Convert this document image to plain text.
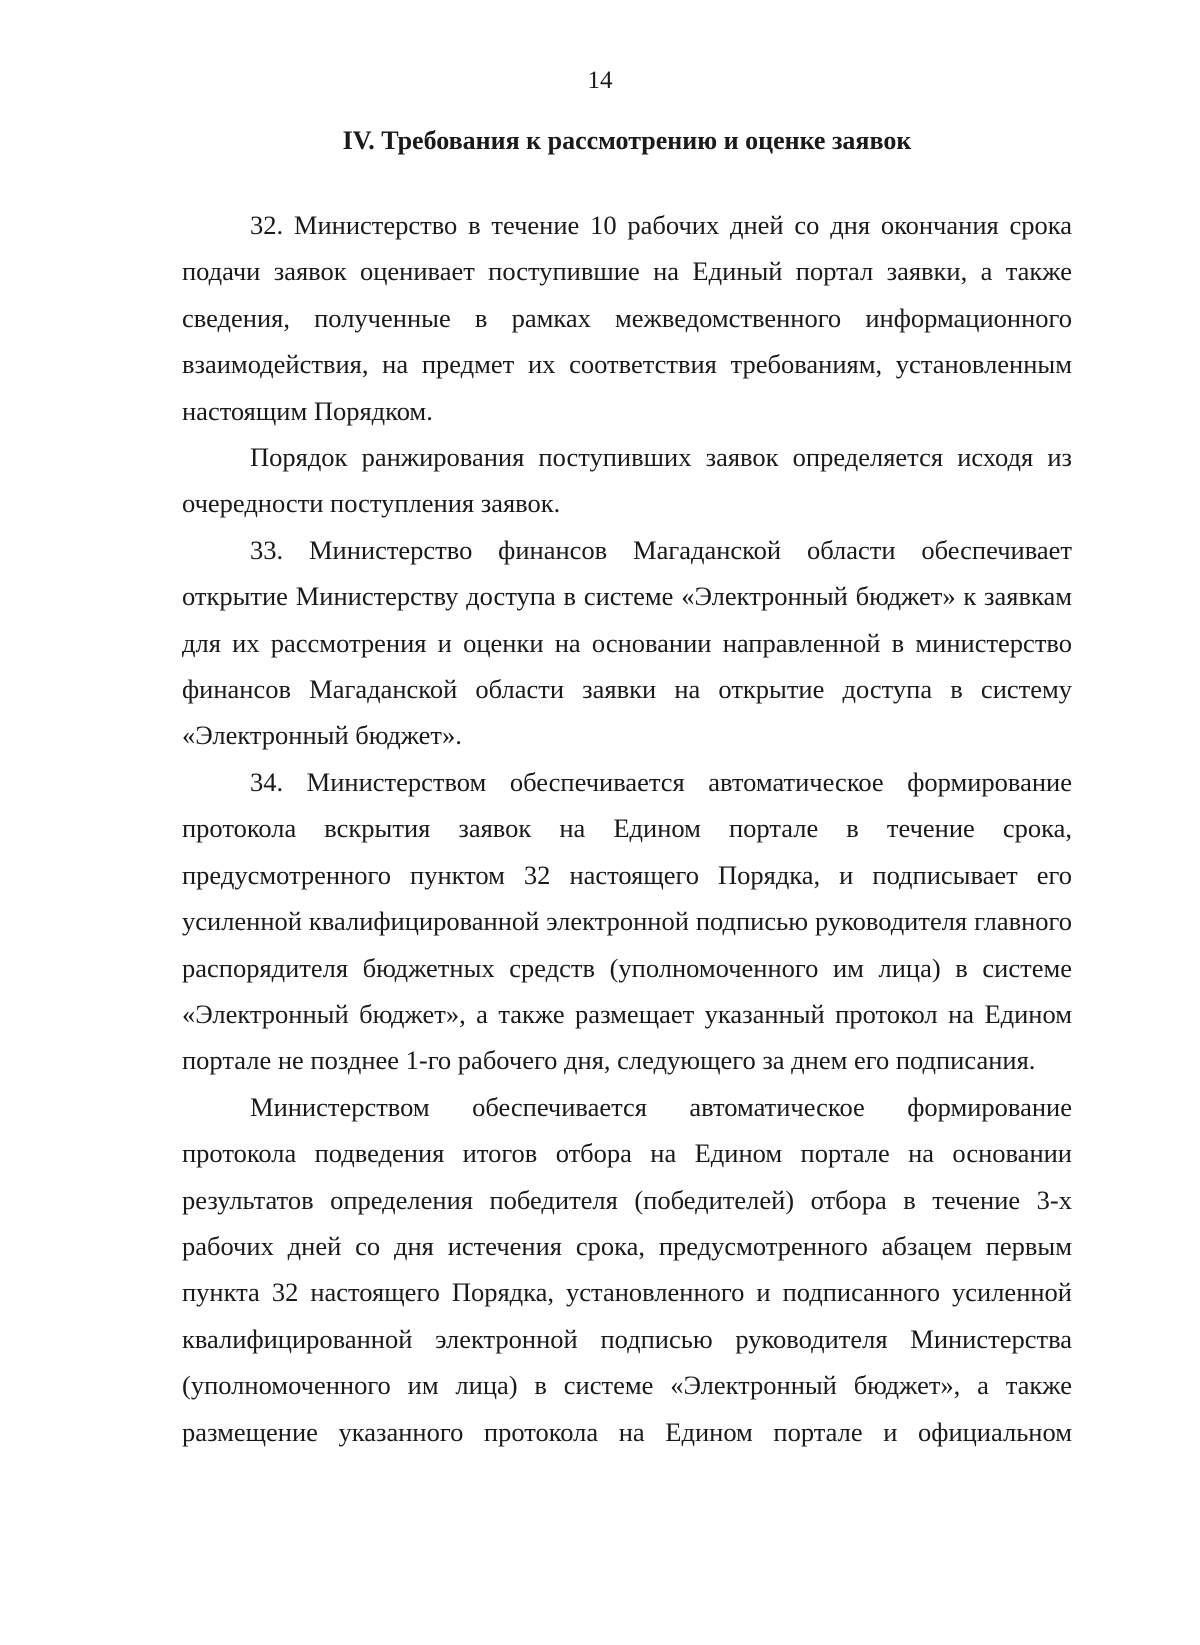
14
IV. Требования к рассмотрению и оценке заявок

32. Министерство в течение 10 рабочих дней со дня окончания срока подачи заявок оценивает поступившие на Единый портал заявки, а также сведения, полученные в рамках межведомственного информационного взаимодействия, на предмет их соответствия требованиям, установленным настоящим Порядком.

Порядок ранжирования поступивших заявок определяется исходя из очередности поступления заявок.

33. Министерство финансов Магаданской области обеспечивает открытие Министерству доступа в системе «Электронный бюджет» к заявкам для их рассмотрения и оценки на основании направленной в министерство финансов Магаданской области заявки на открытие доступа в систему «Электронный бюджет».

34. Министерством обеспечивается автоматическое формирование протокола вскрытия заявок на Едином портале в течение срока, предусмотренного пунктом 32 настоящего Порядка, и подписывает его усиленной квалифицированной электронной подписью руководителя главного распорядителя бюджетных средств (уполномоченного им лица) в системе «Электронный бюджет», а также размещает указанный протокол на Едином портале не позднее 1-го рабочего дня, следующего за днем его подписания.

Министерством обеспечивается автоматическое формирование протокола подведения итогов отбора на Едином портале на основании результатов определения победителя (победителей) отбора в течение 3-х рабочих дней со дня истечения срока, предусмотренного абзацем первым пункта 32 настоящего Порядка, установленного и подписанного усиленной квалифицированной электронной подписью руководителя Министерства (уполномоченного им лица) в системе «Электронный бюджет», а также размещение указанного протокола на Едином портале и официальном
